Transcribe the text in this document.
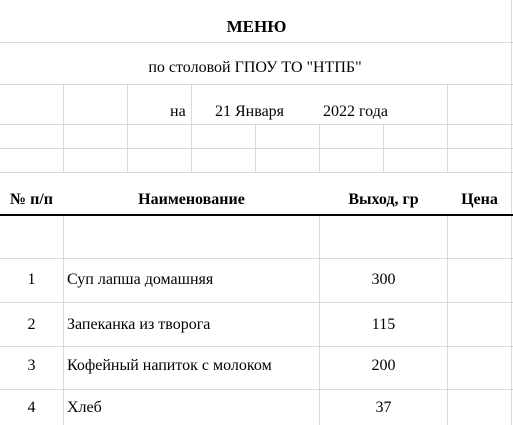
МЕНЮ
по столовой ГПОУ ТО "НТПБ"
на 21 Января 2022 года
№ п/п	Наименование	Выход, гр	Цена
1	Суп лапша домашняя	300
2	Запеканка из творога	115
3	Кофейный напиток с молоком	200
4	Хлеб	37
